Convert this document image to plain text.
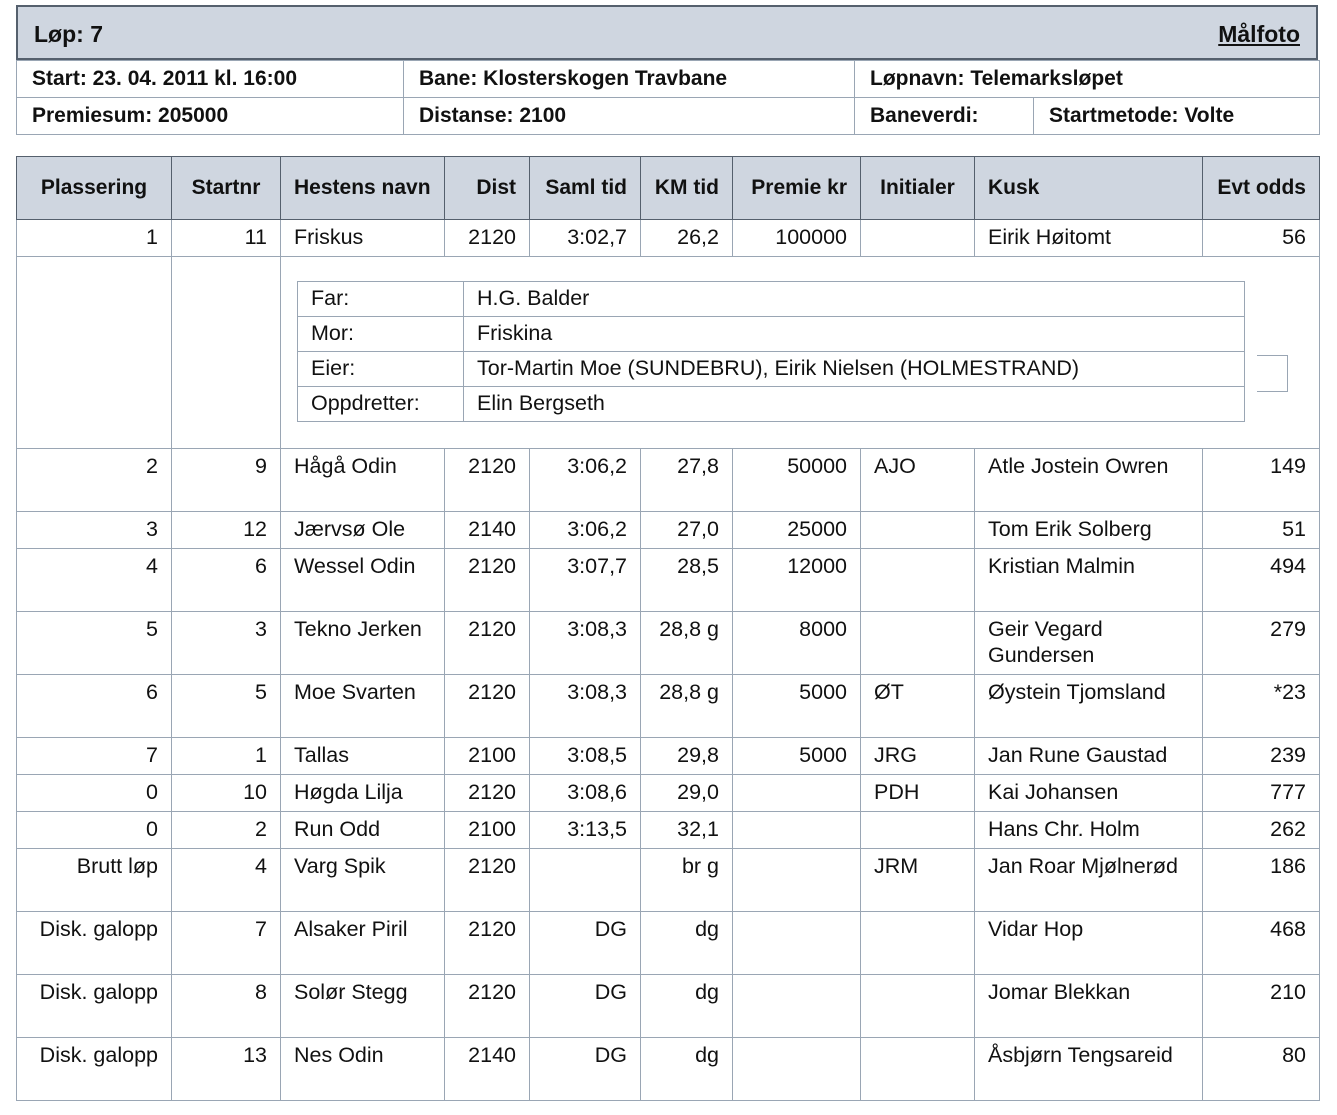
Løp: 7	Målfoto
Start: 23. 04. 2011 kl. 16:00	Bane: Klosterskogen Travbane	Løpnavn: Telemarksløpet	
Premiesum: 205000	Distanse: 2100	Baneverdi:	Startmetode: Volte
Plassering	Startnr	Hestens navn	Dist	Saml tid	KM tid	Premie kr	Initialer	Kusk	Evt odds
1	11	Friskus	2120	3:02,7	26,2	100000		Eirik Høitomt	56

Far:	H.G. Balder
Mor:	Friskina
Eier:	Tor-Martin Moe (SUNDEBRU), Eirik Nielsen (HOLMESTRAND)
Oppdretter:	Elin Bergseth

2	9	Hågå Odin	2120	3:06,2	27,8	50000	AJO	Atle Jostein Owren	149
3	12	Jærvsø Ole	2140	3:06,2	27,0	25000		Tom Erik Solberg	51
4	6	Wessel Odin	2120	3:07,7	28,5	12000		Kristian Malmin	494
5	3	Tekno Jerken	2120	3:08,3	28,8 g	8000		Geir Vegard Gundersen	279
6	5	Moe Svarten	2120	3:08,3	28,8 g	5000	ØT	Øystein Tjomsland	*23
7	1	Tallas	2100	3:08,5	29,8	5000	JRG	Jan Rune Gaustad	239
0	10	Høgda Lilja	2120	3:08,6	29,0		PDH	Kai Johansen	777
0	2	Run Odd	2100	3:13,5	32,1			Hans Chr. Holm	262
Brutt løp	4	Varg Spik	2120		br g		JRM	Jan Roar Mjølnerød	186
Disk. galopp	7	Alsaker Piril	2120	DG	dg			Vidar Hop	468
Disk. galopp	8	Solør Stegg	2120	DG	dg			Jomar Blekkan	210
Disk. galopp	13	Nes Odin	2140	DG	dg			Åsbjørn Tengsareid	80
